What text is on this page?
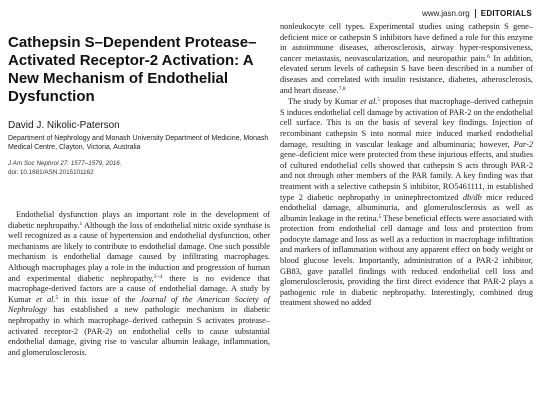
www.jasn.org	EDITORIALS
Cathepsin S–Dependent Protease–Activated Receptor-2 Activation: A New Mechanism of Endothelial Dysfunction
David J. Nikolic-Paterson
Department of Nephrology and Monash University Department of Medicine, Monash Medical Centre, Clayton, Victoria, Australia
J Am Soc Nephrol 27: 1577–1579, 2016.
doi: 10.1681/ASN.2015101162

Endothelial dysfunction plays an important role in the development of diabetic nephropathy.$^1$ Although the loss of endothelial nitric oxide synthase is well recognized as a cause of hypertension and endothelial dysfunction, other mechanisms are likely to contribute to endothelial damage. One such possible mechanism is endothelial damage caused by infiltrating macrophages. Although macrophages play a role in the induction and progression of human and experimental diabetic nephropathy,$^{2-4}$ there is no evidence that macrophage-derived factors are a cause of endothelial damage. A study by Kumar et al.$^5$ in this issue of the Journal of the American Society of Nephrology has established a new pathologic mechanism in diabetic nephropathy in which macrophage–derived cathepsin S activates protease–activated receptor-2 (PAR-2) on endothelial cells to cause substantial endothelial damage, giving rise to vascular albumin leakage, inflammation, and glomerulosclerosis.

nonleukocyte cell types. Experimental studies using cathepsin S gene–deficient mice or cathepsin S inhibitors have defined a role for this enzyme in autoimmune diseases, atherosclerosis, airway hyper-responsiveness, cancer metastasis, neovascularization, and neuropathic pain.$^6$ In addition, elevated serum levels of cathepsin S have been described in a number of diseases and correlated with insulin resistance, diabetes, atherosclerosis, and heart disease.$^{7,8}$

The study by Kumar et al.$^5$ proposes that macrophage–derived cathepsin S induces endothelial cell damage by activation of PAR-2 on the endothelial cell surface. This is on the basis of several key findings. Injection of recombinant cathepsin S into normal mice induced marked endothelial damage, resulting in vascular leakage and albuminuria; however, Par-2 gene–deficient mice were protected from these injurious effects, and studies of cultured endothelial cells showed that cathepsin S acts through PAR-2 and not through other members of the PAR family. A key finding was that treatment with a selective cathepsin S inhibitor, RO5461111, in established type 2 diabetic nephropathy in uninephrectomized db/db mice reduced endothelial damage, albuminuria, and glomerulosclerosis as well as albumin leakage in the retina.$^5$ These beneficial effects were associated with protection from endothelial cell damage and loss and protection from podocyte damage and loss as well as a reduction in macrophage infiltration and markers of inflammation without any apparent effect on body weight or blood glucose levels. Importantly, administration of a PAR-2 inhibitor, GB83, gave parallel findings with reduced endothelial cell loss and glomerulosclerosis, providing the first direct evidence that PAR-2 plays a pathogenic role in diabetic nephropathy. Interestingly, combined drug treatment showed no added
